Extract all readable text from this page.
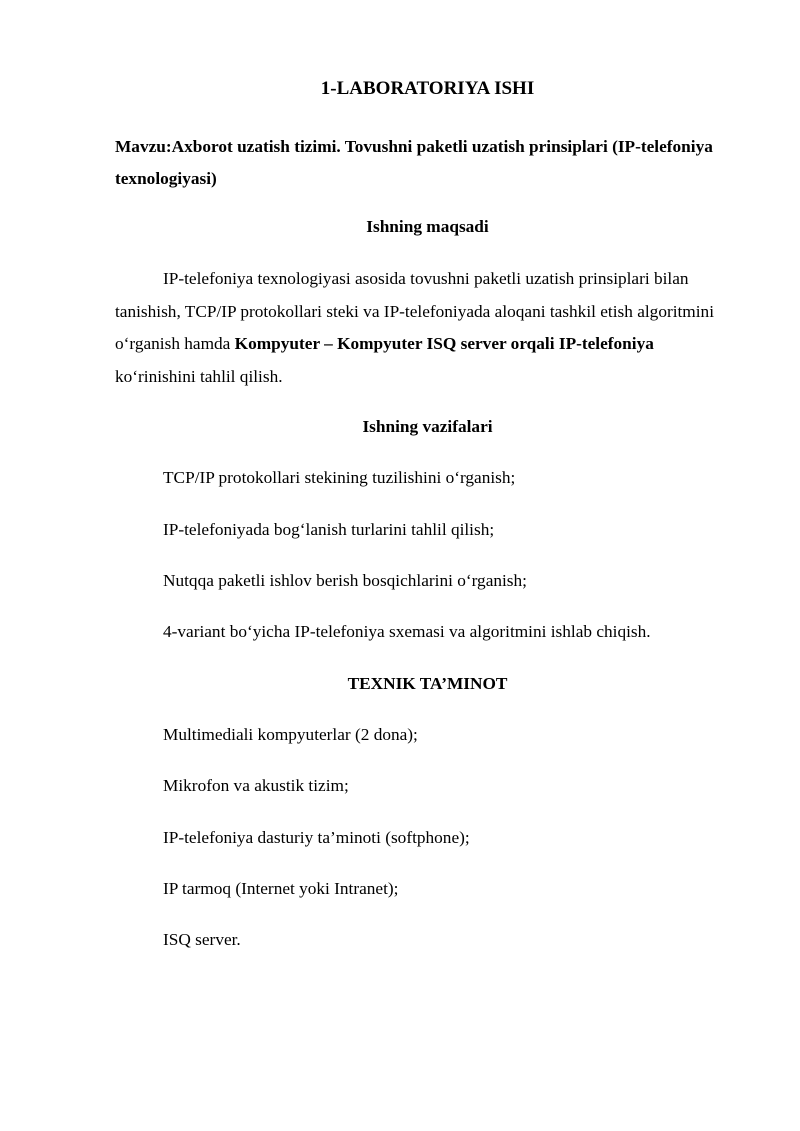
1-LABORATORIYA ISHI
Mavzu:Axborot uzatish tizimi. Tovushni paketli uzatish prinsiplari (IP-telefoniya texnologiyasi)
Ishning maqsadi
IP-telefoniya texnologiyasi asosida tovushni paketli uzatish prinsiplari bilan tanishish, TCP/IP protokollari steki va IP-telefoniyada aloqani tashkil etish algoritmini o‘rganish hamda Kompyuter – Kompyuter ISQ server orqali IP-telefoniya ko‘rinishini tahlil qilish.
Ishning vazifalari
TCP/IP protokollari stekining tuzilishini o‘rganish;
IP-telefoniyada bog‘lanish turlarini tahlil qilish;
Nutqqa paketli ishlov berish bosqichlarini o‘rganish;
4-variant bo‘yicha IP-telefoniya sxemasi va algoritmini ishlab chiqish.
TEXNIK TA’MINOT
Multimediali kompyuterlar (2 dona);
Mikrofon va akustik tizim;
IP-telefoniya dasturiy ta’minoti (softphone);
IP tarmoq (Internet yoki Intranet);
ISQ server.
